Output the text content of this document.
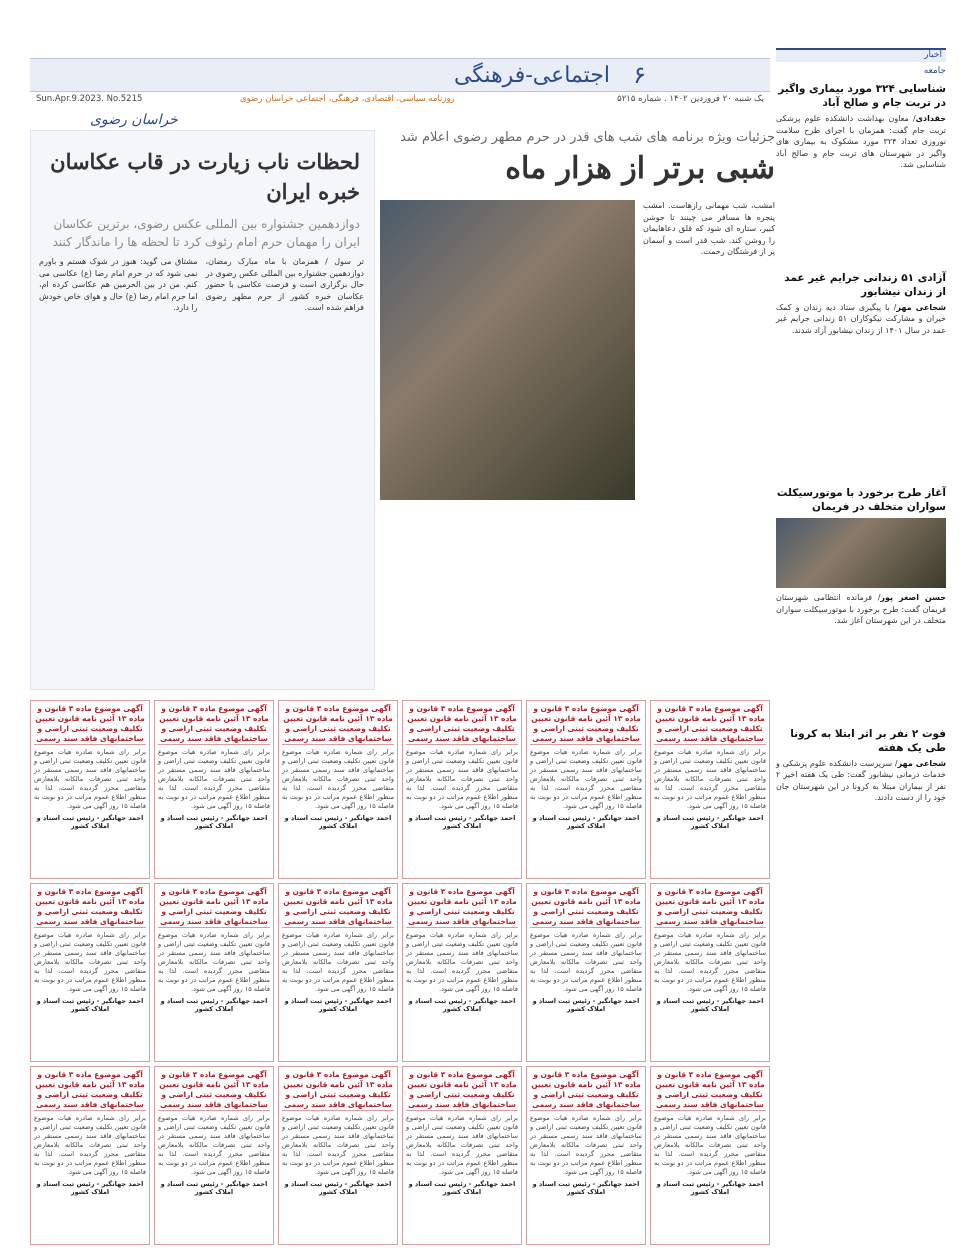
اجتماعی-فرهنگی ۶
یک شنبه ۲۰ فروردین ۱۴۰۲ . شماره ۵۲۱۵
روزنامه سیاسی، اقتصادی، فرهنگی، اجتماعی خراسان رضوی
Sun.Apr.9.2023. No.5215
خراسان رضوی
اخبار
جامعه
شناسایی ۳۲۴ مورد بیماری واگیر در تربت جام و صالح آباد
حقدادی/ معاون بهداشت دانشکده علوم پزشکی تربت جام گفت: همزمان با اجرای طرح سلامت نوروزی تعداد ۳۲۴ مورد مشکوک به بیماری های واگیر در شهرستان های تربت جام و صالح آباد شناسایی شد.
آزادی ۵۱ زندانی جرایم غیر عمد از زندان نیشابور
شجاعی مهر/ با پیگیری ستاد دیه زندان و کمک خیران و مشارکت نیکوکاران ۵۱ زندانی جرایم غیر عمد در سال ۱۴۰۱ از زندان نیشابور آزاد شدند.
آغاز طرح برخورد با موتورسیکلت سواران متخلف در فریمان
حسن اصغر پور/ فرمانده انتظامی شهرستان فریمان گفت: طرح برخورد با موتورسیکلت سواران متخلف در این شهرستان آغاز شد.
فوت ۲ نفر بر اثر ابتلا به کرونا طی یک هفته
شجاعی مهر/ سرپرست دانشکده علوم پزشکی و خدمات درمانی نیشابور گفت: طی یک هفته اخیر ۲ نفر از بیماران مبتلا به کرونا در این شهرستان جان خود را از دست دادند.
جزئیات ویژه برنامه های شب های قدر در حرم مطهر رضوی اعلام شد
شبی برتر از هزار ماه
امشب، شب مهمانی رازهاست. امشب پنجره ها مسافر می چینند تا جوشن کبیر، ستاره ای شود که فلق دعاهایمان را روشن کند. شب قدر است و آسمان پر از فرشتگان رحمت.
لحظات ناب زیارت در قاب عکاسان خبره ایران
دوازدهمین جشنواره بین المللی عکس رضوی، برترین عکاسان ایران را مهمان حرم امام رئوف کرد تا لحظه ها را ماندگار کنند
تر سول / همزمان با ماه مبارک رمضان، دوازدهمین جشنواره بین المللی عکس رضوی در حال برگزاری است و فرصت عکاسی با حضور عکاسان خبره کشور از حرم مطهر رضوی فراهم شده است.
مشتاق می گوید: هنوز در شوک هستم و باورم نمی شود که در حرم امام رضا (ع) عکاسی می کنم. من در بین الحرمین هم عکاسی کرده ام، اما حرم امام رضا (ع) حال و هوای خاص خودش را دارد.
آگهی موضوع ماده ۳ قانون و ماده ۱۳ آئین نامه قانون تعیین تکلیف وضعیت ثبتی اراضی و ساختمانهای فاقد سند رسمی
برابر رای شماره صادره هیات موضوع قانون تعیین تکلیف وضعیت ثبتی اراضی و ساختمانهای فاقد سند رسمی مستقر در واحد ثبتی تصرفات مالکانه بلامعارض متقاضی محرز گردیده است. لذا به منظور اطلاع عموم مراتب در دو نوبت به فاصله ۱۵ روز آگهی می شود.
احمد جهانگیر - رئیس ثبت اسناد و املاک کشور
آگهی موضوع ماده ۳ قانون و ماده ۱۳ آئین نامه قانون تعیین تکلیف وضعیت ثبتی اراضی و ساختمانهای فاقد سند رسمی
برابر رای شماره صادره هیات موضوع قانون تعیین تکلیف وضعیت ثبتی اراضی و ساختمانهای فاقد سند رسمی مستقر در واحد ثبتی تصرفات مالکانه بلامعارض متقاضی محرز گردیده است. لذا به منظور اطلاع عموم مراتب در دو نوبت به فاصله ۱۵ روز آگهی می شود.
احمد جهانگیر - رئیس ثبت اسناد و املاک کشور
آگهی موضوع ماده ۳ قانون و ماده ۱۳ آئین نامه قانون تعیین تکلیف وضعیت ثبتی اراضی و ساختمانهای فاقد سند رسمی
برابر رای شماره صادره هیات موضوع قانون تعیین تکلیف وضعیت ثبتی اراضی و ساختمانهای فاقد سند رسمی مستقر در واحد ثبتی تصرفات مالکانه بلامعارض متقاضی محرز گردیده است. لذا به منظور اطلاع عموم مراتب در دو نوبت به فاصله ۱۵ روز آگهی می شود.
احمد جهانگیر - رئیس ثبت اسناد و املاک کشور
آگهی موضوع ماده ۳ قانون و ماده ۱۳ آئین نامه قانون تعیین تکلیف وضعیت ثبتی اراضی و ساختمانهای فاقد سند رسمی
برابر رای شماره صادره هیات موضوع قانون تعیین تکلیف وضعیت ثبتی اراضی و ساختمانهای فاقد سند رسمی مستقر در واحد ثبتی تصرفات مالکانه بلامعارض متقاضی محرز گردیده است. لذا به منظور اطلاع عموم مراتب در دو نوبت به فاصله ۱۵ روز آگهی می شود.
احمد جهانگیر - رئیس ثبت اسناد و املاک کشور
آگهی موضوع ماده ۳ قانون و ماده ۱۳ آئین نامه قانون تعیین تکلیف وضعیت ثبتی اراضی و ساختمانهای فاقد سند رسمی
برابر رای شماره صادره هیات موضوع قانون تعیین تکلیف وضعیت ثبتی اراضی و ساختمانهای فاقد سند رسمی مستقر در واحد ثبتی تصرفات مالکانه بلامعارض متقاضی محرز گردیده است. لذا به منظور اطلاع عموم مراتب در دو نوبت به فاصله ۱۵ روز آگهی می شود.
احمد جهانگیر - رئیس ثبت اسناد و املاک کشور
آگهی موضوع ماده ۳ قانون و ماده ۱۳ آئین نامه قانون تعیین تکلیف وضعیت ثبتی اراضی و ساختمانهای فاقد سند رسمی
برابر رای شماره صادره هیات موضوع قانون تعیین تکلیف وضعیت ثبتی اراضی و ساختمانهای فاقد سند رسمی مستقر در واحد ثبتی تصرفات مالکانه بلامعارض متقاضی محرز گردیده است. لذا به منظور اطلاع عموم مراتب در دو نوبت به فاصله ۱۵ روز آگهی می شود.
احمد جهانگیر - رئیس ثبت اسناد و املاک کشور
آگهی موضوع ماده ۳ قانون و ماده ۱۳ آئین نامه قانون تعیین تکلیف وضعیت ثبتی اراضی و ساختمانهای فاقد سند رسمی
برابر رای شماره صادره هیات موضوع قانون تعیین تکلیف وضعیت ثبتی اراضی و ساختمانهای فاقد سند رسمی مستقر در واحد ثبتی تصرفات مالکانه بلامعارض متقاضی محرز گردیده است. لذا به منظور اطلاع عموم مراتب در دو نوبت به فاصله ۱۵ روز آگهی می شود.
احمد جهانگیر - رئیس ثبت اسناد و املاک کشور
آگهی موضوع ماده ۳ قانون و ماده ۱۳ آئین نامه قانون تعیین تکلیف وضعیت ثبتی اراضی و ساختمانهای فاقد سند رسمی
برابر رای شماره صادره هیات موضوع قانون تعیین تکلیف وضعیت ثبتی اراضی و ساختمانهای فاقد سند رسمی مستقر در واحد ثبتی تصرفات مالکانه بلامعارض متقاضی محرز گردیده است. لذا به منظور اطلاع عموم مراتب در دو نوبت به فاصله ۱۵ روز آگهی می شود.
احمد جهانگیر - رئیس ثبت اسناد و املاک کشور
آگهی موضوع ماده ۳ قانون و ماده ۱۳ آئین نامه قانون تعیین تکلیف وضعیت ثبتی اراضی و ساختمانهای فاقد سند رسمی
برابر رای شماره صادره هیات موضوع قانون تعیین تکلیف وضعیت ثبتی اراضی و ساختمانهای فاقد سند رسمی مستقر در واحد ثبتی تصرفات مالکانه بلامعارض متقاضی محرز گردیده است. لذا به منظور اطلاع عموم مراتب در دو نوبت به فاصله ۱۵ روز آگهی می شود.
احمد جهانگیر - رئیس ثبت اسناد و املاک کشور
آگهی موضوع ماده ۳ قانون و ماده ۱۳ آئین نامه قانون تعیین تکلیف وضعیت ثبتی اراضی و ساختمانهای فاقد سند رسمی
برابر رای شماره صادره هیات موضوع قانون تعیین تکلیف وضعیت ثبتی اراضی و ساختمانهای فاقد سند رسمی مستقر در واحد ثبتی تصرفات مالکانه بلامعارض متقاضی محرز گردیده است. لذا به منظور اطلاع عموم مراتب در دو نوبت به فاصله ۱۵ روز آگهی می شود.
احمد جهانگیر - رئیس ثبت اسناد و املاک کشور
آگهی موضوع ماده ۳ قانون و ماده ۱۳ آئین نامه قانون تعیین تکلیف وضعیت ثبتی اراضی و ساختمانهای فاقد سند رسمی
برابر رای شماره صادره هیات موضوع قانون تعیین تکلیف وضعیت ثبتی اراضی و ساختمانهای فاقد سند رسمی مستقر در واحد ثبتی تصرفات مالکانه بلامعارض متقاضی محرز گردیده است. لذا به منظور اطلاع عموم مراتب در دو نوبت به فاصله ۱۵ روز آگهی می شود.
احمد جهانگیر - رئیس ثبت اسناد و املاک کشور
آگهی موضوع ماده ۳ قانون و ماده ۱۳ آئین نامه قانون تعیین تکلیف وضعیت ثبتی اراضی و ساختمانهای فاقد سند رسمی
برابر رای شماره صادره هیات موضوع قانون تعیین تکلیف وضعیت ثبتی اراضی و ساختمانهای فاقد سند رسمی مستقر در واحد ثبتی تصرفات مالکانه بلامعارض متقاضی محرز گردیده است. لذا به منظور اطلاع عموم مراتب در دو نوبت به فاصله ۱۵ روز آگهی می شود.
احمد جهانگیر - رئیس ثبت اسناد و املاک کشور
آگهی موضوع ماده ۳ قانون و ماده ۱۳ آئین نامه قانون تعیین تکلیف وضعیت ثبتی اراضی و ساختمانهای فاقد سند رسمی
برابر رای شماره صادره هیات موضوع قانون تعیین تکلیف وضعیت ثبتی اراضی و ساختمانهای فاقد سند رسمی مستقر در واحد ثبتی تصرفات مالکانه بلامعارض متقاضی محرز گردیده است. لذا به منظور اطلاع عموم مراتب در دو نوبت به فاصله ۱۵ روز آگهی می شود.
احمد جهانگیر - رئیس ثبت اسناد و املاک کشور
آگهی موضوع ماده ۳ قانون و ماده ۱۳ آئین نامه قانون تعیین تکلیف وضعیت ثبتی اراضی و ساختمانهای فاقد سند رسمی
برابر رای شماره صادره هیات موضوع قانون تعیین تکلیف وضعیت ثبتی اراضی و ساختمانهای فاقد سند رسمی مستقر در واحد ثبتی تصرفات مالکانه بلامعارض متقاضی محرز گردیده است. لذا به منظور اطلاع عموم مراتب در دو نوبت به فاصله ۱۵ روز آگهی می شود.
احمد جهانگیر - رئیس ثبت اسناد و املاک کشور
آگهی موضوع ماده ۳ قانون و ماده ۱۳ آئین نامه قانون تعیین تکلیف وضعیت ثبتی اراضی و ساختمانهای فاقد سند رسمی
برابر رای شماره صادره هیات موضوع قانون تعیین تکلیف وضعیت ثبتی اراضی و ساختمانهای فاقد سند رسمی مستقر در واحد ثبتی تصرفات مالکانه بلامعارض متقاضی محرز گردیده است. لذا به منظور اطلاع عموم مراتب در دو نوبت به فاصله ۱۵ روز آگهی می شود.
احمد جهانگیر - رئیس ثبت اسناد و املاک کشور
آگهی موضوع ماده ۳ قانون و ماده ۱۳ آئین نامه قانون تعیین تکلیف وضعیت ثبتی اراضی و ساختمانهای فاقد سند رسمی
برابر رای شماره صادره هیات موضوع قانون تعیین تکلیف وضعیت ثبتی اراضی و ساختمانهای فاقد سند رسمی مستقر در واحد ثبتی تصرفات مالکانه بلامعارض متقاضی محرز گردیده است. لذا به منظور اطلاع عموم مراتب در دو نوبت به فاصله ۱۵ روز آگهی می شود.
احمد جهانگیر - رئیس ثبت اسناد و املاک کشور
آگهی موضوع ماده ۳ قانون و ماده ۱۳ آئین نامه قانون تعیین تکلیف وضعیت ثبتی اراضی و ساختمانهای فاقد سند رسمی
برابر رای شماره صادره هیات موضوع قانون تعیین تکلیف وضعیت ثبتی اراضی و ساختمانهای فاقد سند رسمی مستقر در واحد ثبتی تصرفات مالکانه بلامعارض متقاضی محرز گردیده است. لذا به منظور اطلاع عموم مراتب در دو نوبت به فاصله ۱۵ روز آگهی می شود.
احمد جهانگیر - رئیس ثبت اسناد و املاک کشور
آگهی موضوع ماده ۳ قانون و ماده ۱۳ آئین نامه قانون تعیین تکلیف وضعیت ثبتی اراضی و ساختمانهای فاقد سند رسمی
برابر رای شماره صادره هیات موضوع قانون تعیین تکلیف وضعیت ثبتی اراضی و ساختمانهای فاقد سند رسمی مستقر در واحد ثبتی تصرفات مالکانه بلامعارض متقاضی محرز گردیده است. لذا به منظور اطلاع عموم مراتب در دو نوبت به فاصله ۱۵ روز آگهی می شود.
احمد جهانگیر - رئیس ثبت اسناد و املاک کشور
